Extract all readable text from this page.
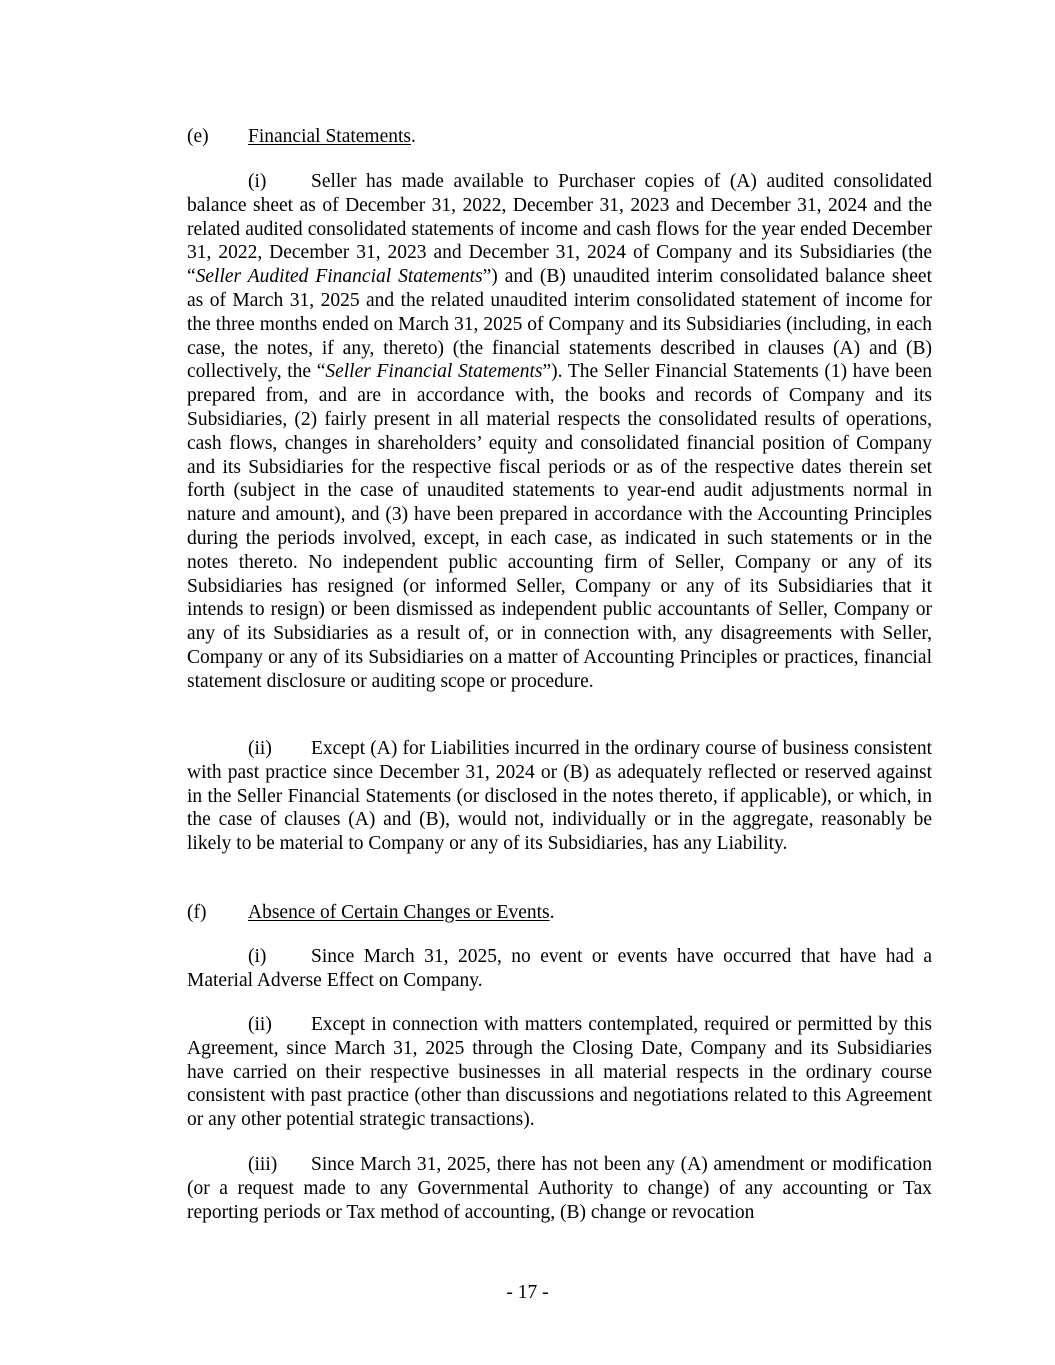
(e) Financial Statements.

(i) Seller has made available to Purchaser copies of (A) audited consolidated balance sheet as of December 31, 2022, December 31, 2023 and December 31, 2024 and the related audited consolidated statements of income and cash flows for the year ended December 31, 2022, December 31, 2023 and December 31, 2024 of Company and its Subsidiaries (the “Seller Audited Financial Statements”) and (B) unaudited interim consolidated balance sheet as of March 31, 2025 and the related unaudited interim consolidated statement of income for the three months ended on March 31, 2025 of Company and its Subsidiaries (including, in each case, the notes, if any, thereto) (the financial statements described in clauses (A) and (B) collectively, the “Seller Financial Statements”). The Seller Financial Statements (1) have been prepared from, and are in accordance with, the books and records of Company and its Subsidiaries, (2) fairly present in all material respects the consolidated results of operations, cash flows, changes in shareholders’ equity and consolidated financial position of Company and its Subsidiaries for the respective fiscal periods or as of the respective dates therein set forth (subject in the case of unaudited statements to year-end audit adjustments normal in nature and amount), and (3) have been prepared in accordance with the Accounting Principles during the periods involved, except, in each case, as indicated in such statements or in the notes thereto. No independent public accounting firm of Seller, Company or any of its Subsidiaries has resigned (or informed Seller, Company or any of its Subsidiaries that it intends to resign) or been dismissed as independent public accountants of Seller, Company or any of its Subsidiaries as a result of, or in connection with, any disagreements with Seller, Company or any of its Subsidiaries on a matter of Accounting Principles or practices, financial statement disclosure or auditing scope or procedure.

(ii) Except (A) for Liabilities incurred in the ordinary course of business consistent with past practice since December 31, 2024 or (B) as adequately reflected or reserved against in the Seller Financial Statements (or disclosed in the notes thereto, if applicable), or which, in the case of clauses (A) and (B), would not, individually or in the aggregate, reasonably be likely to be material to Company or any of its Subsidiaries, has any Liability.

(f) Absence of Certain Changes or Events.

(i) Since March 31, 2025, no event or events have occurred that have had a Material Adverse Effect on Company.

(ii) Except in connection with matters contemplated, required or permitted by this Agreement, since March 31, 2025 through the Closing Date, Company and its Subsidiaries have carried on their respective businesses in all material respects in the ordinary course consistent with past practice (other than discussions and negotiations related to this Agreement or any other potential strategic transactions).

(iii) Since March 31, 2025, there has not been any (A) amendment or modification (or a request made to any Governmental Authority to change) of any accounting or Tax reporting periods or Tax method of accounting, (B) change or revocation

- 17 -
